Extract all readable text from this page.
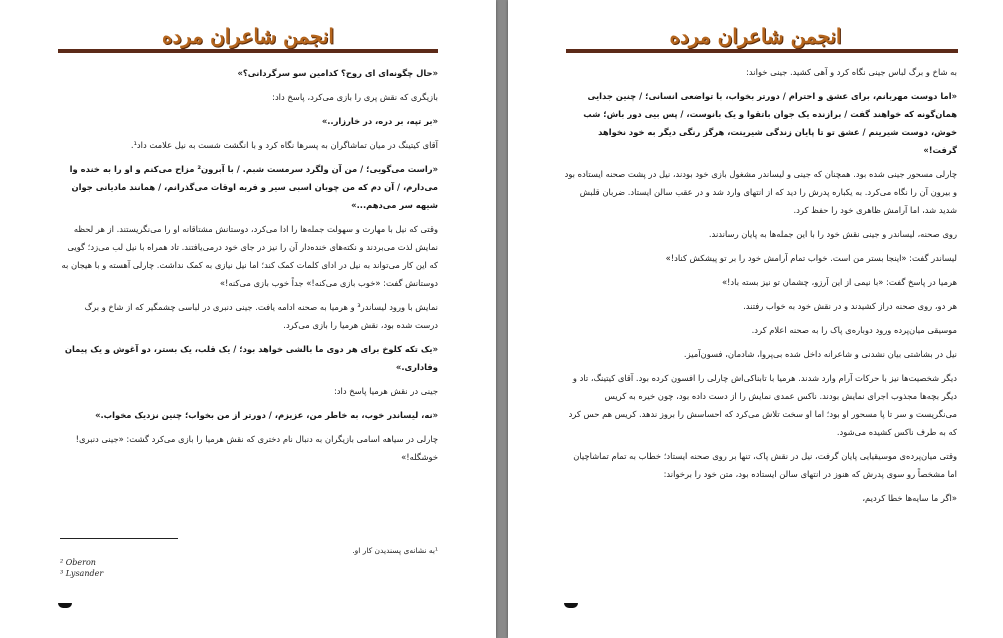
انجمن شاعران مرده

«حال چگونه‌ای ای روح؟ کدامین سو سرگردانی؟»

بازیگری که نقش پری را بازی می‌کرد، پاسخ داد:

«بر تپه، بر دره، در خارزار..»

آقای کیتینگ در میان تماشاگران به پسرها نگاه کرد و با انگشت شست به نیل علامت داد¹.

«راست می‌گویی؛ / من آن ولگرد سرمست شبم. / با آبرون² مزاح می‌کنم و او را به خنده وا می‌دارم، / آن دم که من چوبان اسبی سیر و فربه اوقات می‌گذرانم، / همانند مادیانی جوان شیهه سر می‌دهم...»

وقتی که نیل با مهارت و سهولت جمله‌ها را ادا می‌کرد، دوستانش مشتاقانه او را می‌نگریستند. از هر لحظه نمایش لذت می‌بردند و نکته‌های خنده‌دار آن را نیز در جای خود درمی‌یافتند. تاد همراه با نیل لب می‌زد؛ گویی که این کار می‌تواند به نیل در ادای کلمات کمک کند؛ اما نیل نیازی به کمک نداشت. چارلی آهسته و با هیجان به دوستانش گفت: «خوب بازی می‌کنه!» جداً خوب بازی می‌کنه!»

نمایش با ورود لیساندر³ و هرمیا به صحنه ادامه یافت. جینی دنبری در لباسی چشمگیر که از شاخ و برگ درست شده بود، نقش هرمیا را بازی می‌کرد.

«یک تکه کلوخ برای هر دوی ما بالشی خواهد بود؛ / یک قلب، یک بستر، دو آغوش و یک پیمان وفاداری.»

جینی در نقش هرمیا پاسخ داد:

«نه، لیساندر خوب، به خاطر من، عزیزم، / دورتر از من بخواب؛ چنین نزدیک مخواب.»

چارلی در سیاهه اسامی بازیگران به دنبال نام دختری که نقش هرمیا را بازی می‌کرد گشت: «جینی دنبری! خوشگله!»

¹به نشانه‌ی پسندیدن کار او.
² Oberon
³ Lysander
انجمن شاعران مرده

به شاخ و برگ لباس جینی نگاه کرد و آهی کشید. جینی خواند:

«اما دوست مهربانم، برای عشق و احترام / دورتر بخواب، با تواضعی انسانی؛ / چنین جدایی همان‌گونه که خواهند گفت / برازنده یک جوان باتقوا و یک بانوست، / پس بیی دور باش؛ شب خوش، دوست شیرینم / عشق تو تا پایان زندگی شیرینت، هرگز رنگی دیگر به خود نخواهد گرفت!»

چارلی مسحور جینی شده بود. همچنان که جینی و لیساندر مشغول بازی خود بودند، نیل در پشت صحنه ایستاده بود و بیرون آن را نگاه می‌کرد. به یکباره پدرش را دید که از انتهای وارد شد و در عقب سالن ایستاد. ضربان قلبش شدید شد، اما آرامش ظاهری خود را حفظ کرد.

روی صحنه، لیساندر و جینی نقش خود را با این جمله‌ها به پایان رساندند.

لیساندر گفت: «اینجا بستر من است. خواب تمام آرامش خود را بر تو پیشکش کناد!»

هرمیا در پاسخ گفت: «با نیمی از این آرزو، چشمان تو نیز بسته باد!»

هر دو، روی صحنه دراز کشیدند و در نقش خود به خواب رفتند.

موسیقی میان‌پرده ورود دوباره‌ی پاک را به صحنه اعلام کرد.

نیل در بشاشتی بیان نشدنی و شاعرانه داخل شده بی‌پروا، شادمان، فسون‌آمیز.

دیگر شخصیت‌ها نیز با حرکات آرام وارد شدند. هرمیا با تابناکی‌اش چارلی را افسون کرده بود. آقای کیتینگ، تاد و دیگر بچه‌ها مجذوب اجرای نمایش بودند. ناکس عمدی نمایش را از دست داده بود، چون خیره به کریس می‌نگریست و سر تا پا مسحور او بود؛ اما او سخت تلاش می‌کرد که احساسش را بروز ندهد. کریس هم حس کرد که به طرف ناکس کشیده می‌شود.

وقتی میان‌پرده‌ی موسیقیایی پایان گرفت، نیل در نقش پاک، تنها بر روی صحنه ایستاد؛ خطاب به تمام تماشاچیان اما مشخصاً رو سوی پدرش که هنوز در انتهای سالن ایستاده بود، متن خود را برخواند:

«اگر ما سایه‌ها خطا کردیم،
